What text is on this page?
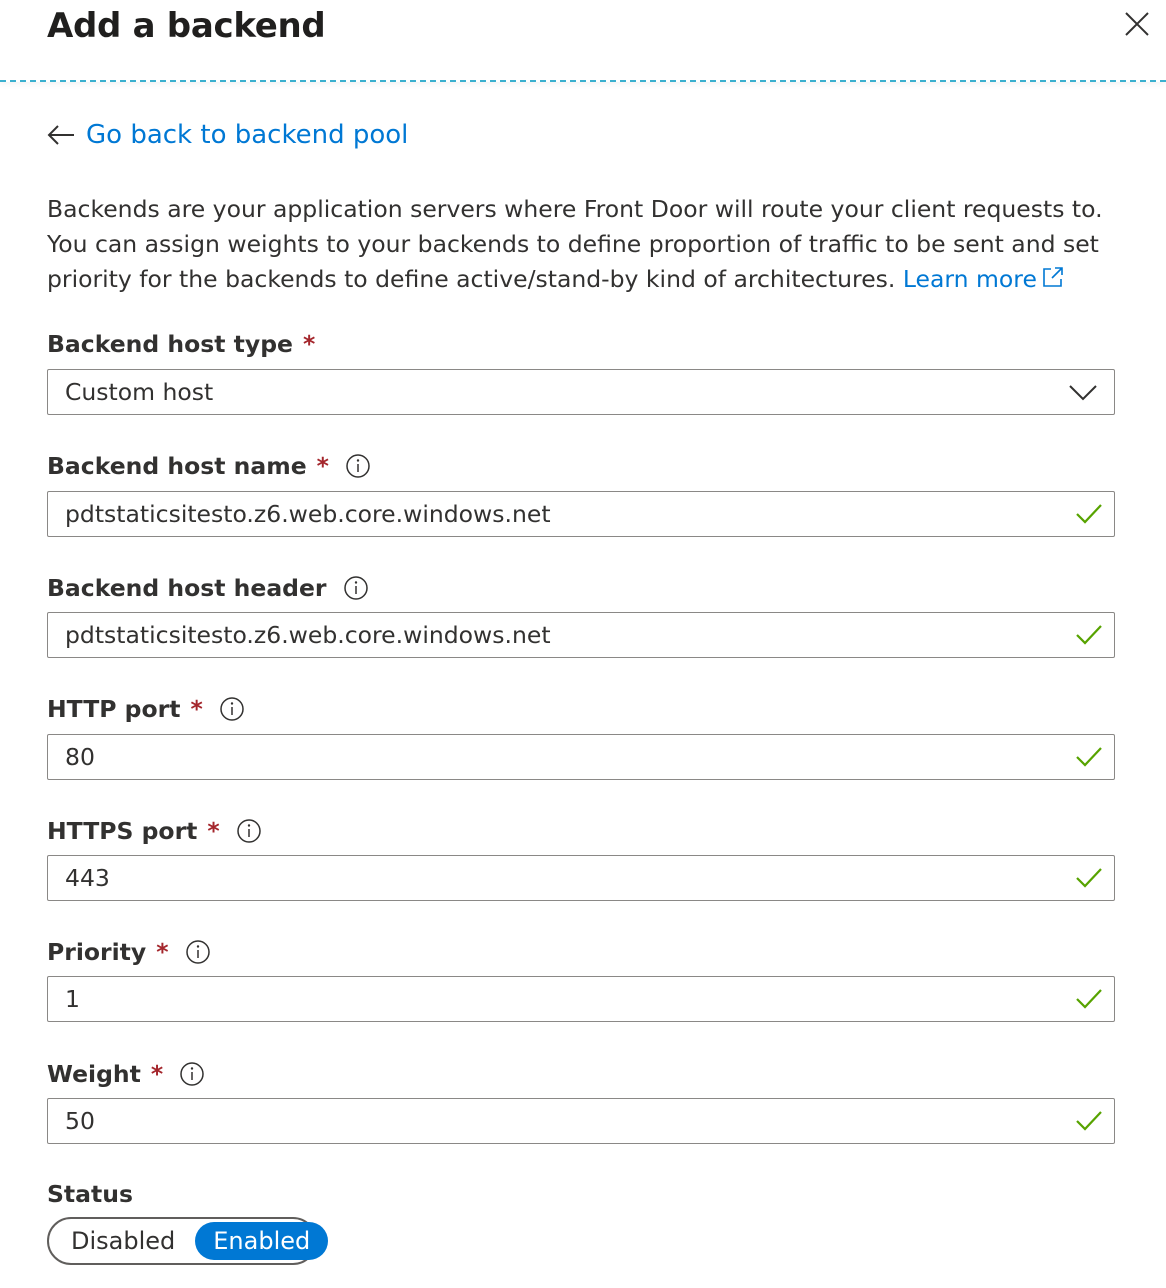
Add a backend
Go back to backend pool
Backends are your application servers where Front Door will route your client requests to. You can assign weights to your backends to define proportion of traffic to be sent and set priority for the backends to define active/stand-by kind of architectures. Learn more
Backend host type *
Custom host
Backend host name *
pdtstaticsitesto.z6.web.core.windows.net
Backend host header
pdtstaticsitesto.z6.web.core.windows.net
HTTP port *
80
HTTPS port *
443
Priority *
1
Weight *
50
Status
Disabled	Enabled
